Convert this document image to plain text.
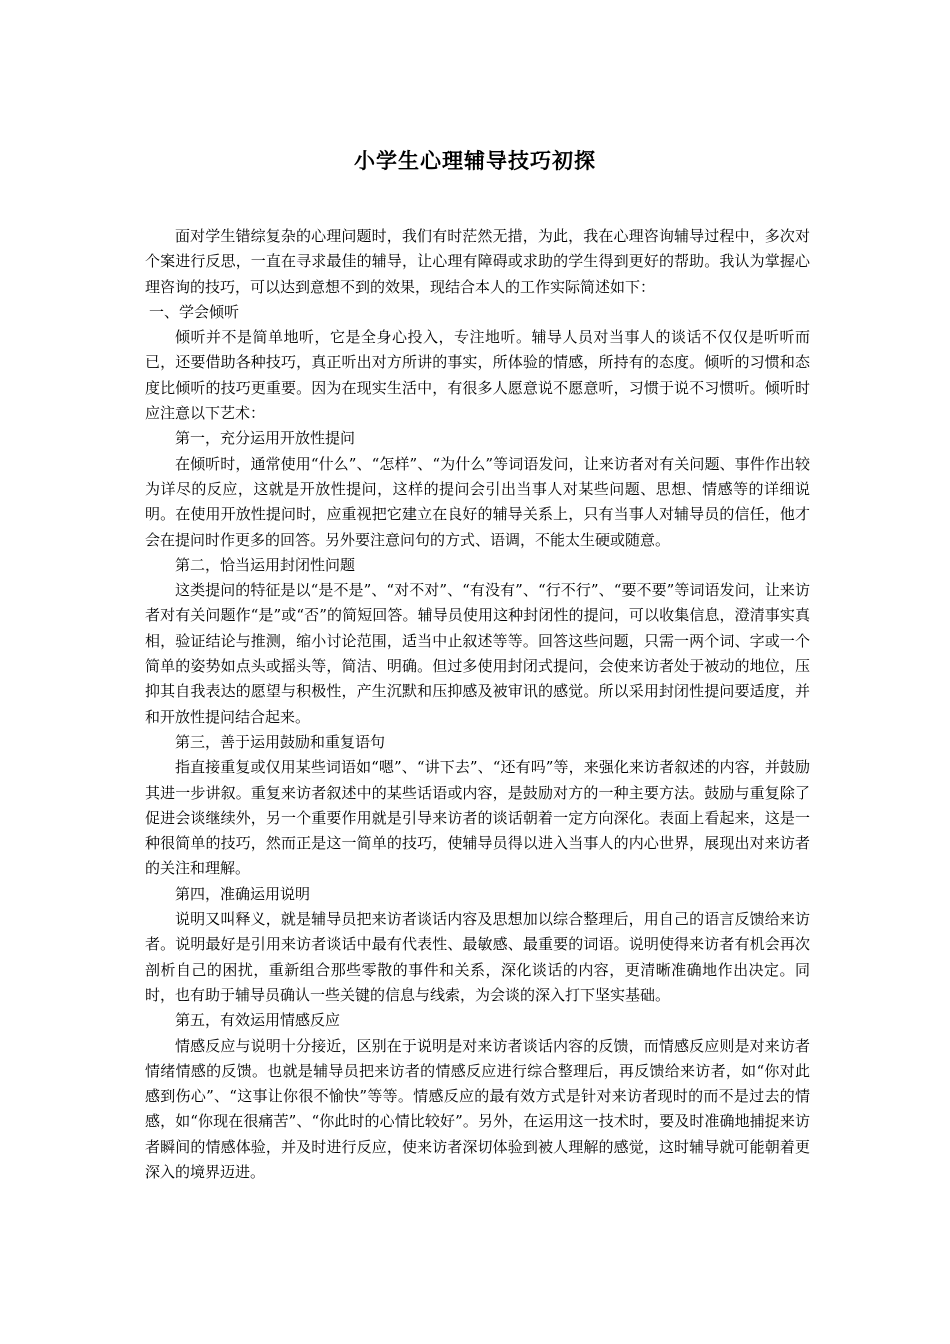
小学生心理辅导技巧初探

面对学生错综复杂的心理问题时，我们有时茫然无措，为此，我在心理咨询辅导过程中，多次对个案进行反思，一直在寻求最佳的辅导，让心理有障碍或求助的学生得到更好的帮助。我认为掌握心理咨询的技巧，可以达到意想不到的效果，现结合本人的工作实际简述如下：

一、学会倾听

倾听并不是简单地听，它是全身心投入，专注地听。辅导人员对当事人的谈话不仅仅是听听而已，还要借助各种技巧，真正听出对方所讲的事实，所体验的情感，所持有的态度。倾听的习惯和态度比倾听的技巧更重要。因为在现实生活中，有很多人愿意说不愿意听，习惯于说不习惯听。倾听时应注意以下艺术：

第一，充分运用开放性提问

在倾听时，通常使用“什么”、“怎样”、“为什么”等词语发问，让来访者对有关问题、事件作出较为详尽的反应，这就是开放性提问，这样的提问会引出当事人对某些问题、思想、情感等的详细说明。在使用开放性提问时，应重视把它建立在良好的辅导关系上，只有当事人对辅导员的信任，他才会在提问时作更多的回答。另外要注意问句的方式、语调，不能太生硬或随意。

第二，恰当运用封闭性问题

这类提问的特征是以“是不是”、“对不对”、“有没有”、“行不行”、“要不要”等词语发问，让来访者对有关问题作“是”或“否”的简短回答。辅导员使用这种封闭性的提问，可以收集信息，澄清事实真相，验证结论与推测，缩小讨论范围，适当中止叙述等等。回答这些问题，只需一两个词、字或一个简单的姿势如点头或摇头等，简洁、明确。但过多使用封闭式提问，会使来访者处于被动的地位，压抑其自我表达的愿望与积极性，产生沉默和压抑感及被审讯的感觉。所以采用封闭性提问要适度，并和开放性提问结合起来。

第三，善于运用鼓励和重复语句

指直接重复或仅用某些词语如“嗯”、“讲下去”、“还有吗”等，来强化来访者叙述的内容，并鼓励其进一步讲叙。重复来访者叙述中的某些话语或内容，是鼓励对方的一种主要方法。鼓励与重复除了促进会谈继续外，另一个重要作用就是引导来访者的谈话朝着一定方向深化。表面上看起来，这是一种很简单的技巧，然而正是这一简单的技巧，使辅导员得以进入当事人的内心世界，展现出对来访者的关注和理解。

第四，准确运用说明

说明又叫释义，就是辅导员把来访者谈话内容及思想加以综合整理后，用自己的语言反馈给来访者。说明最好是引用来访者谈话中最有代表性、最敏感、最重要的词语。说明使得来访者有机会再次剖析自己的困扰，重新组合那些零散的事件和关系，深化谈话的内容，更清晰准确地作出决定。同时，也有助于辅导员确认一些关键的信息与线索，为会谈的深入打下坚实基础。

第五，有效运用情感反应

情感反应与说明十分接近，区别在于说明是对来访者谈话内容的反馈，而情感反应则是对来访者情绪情感的反馈。也就是辅导员把来访者的情感反应进行综合整理后，再反馈给来访者，如“你对此感到伤心”、“这事让你很不愉快”等等。情感反应的最有效方式是针对来访者现时的而不是过去的情感，如“你现在很痛苦”、“你此时的心情比较好”。另外，在运用这一技术时，要及时准确地捕捉来访者瞬间的情感体验，并及时进行反应，使来访者深切体验到被人理解的感觉，这时辅导就可能朝着更深入的境界迈进。
